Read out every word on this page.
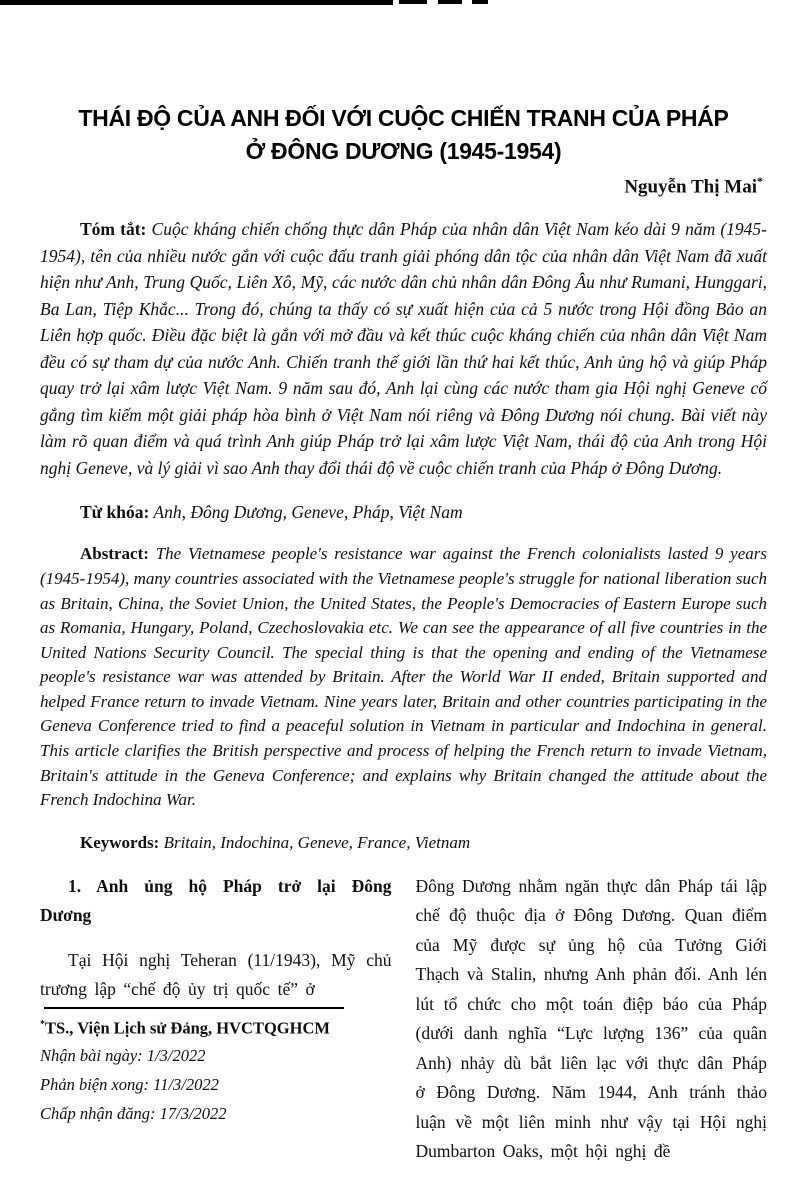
THÁI ĐỘ CỦA ANH ĐỐI VỚI CUỘC CHIẾN TRANH CỦA PHÁP
Ở ĐÔNG DƯƠNG (1945-1954)
Nguyễn Thị Mai*

Tóm tắt: Cuộc kháng chiến chống thực dân Pháp của nhân dân Việt Nam kéo dài 9 năm (1945-1954), tên của nhiều nước gắn với cuộc đấu tranh giải phóng dân tộc của nhân dân Việt Nam đã xuất hiện như Anh, Trung Quốc, Liên Xô, Mỹ, các nước dân chủ nhân dân Đông Âu như Rumani, Hunggari, Ba Lan, Tiệp Khắc... Trong đó, chúng ta thấy có sự xuất hiện của cả 5 nước trong Hội đồng Bảo an Liên hợp quốc. Điều đặc biệt là gắn với mở đầu và kết thúc cuộc kháng chiến của nhân dân Việt Nam đều có sự tham dự của nước Anh. Chiến tranh thế giới lần thứ hai kết thúc, Anh ủng hộ và giúp Pháp quay trở lại xâm lược Việt Nam. 9 năm sau đó, Anh lại cùng các nước tham gia Hội nghị Geneve cố gắng tìm kiếm một giải pháp hòa bình ở Việt Nam nói riêng và Đông Dương nói chung. Bài viết này làm rõ quan điểm và quá trình Anh giúp Pháp trở lại xâm lược Việt Nam, thái độ của Anh trong Hội nghị Geneve, và lý giải vì sao Anh thay đổi thái độ về cuộc chiến tranh của Pháp ở Đông Dương.

Từ khóa: Anh, Đông Dương, Geneve, Pháp, Việt Nam

Abstract: The Vietnamese people's resistance war against the French colonialists lasted 9 years (1945-1954), many countries associated with the Vietnamese people's struggle for national liberation such as Britain, China, the Soviet Union, the United States, the People's Democracies of Eastern Europe such as Romania, Hungary, Poland, Czechoslovakia etc. We can see the appearance of all five countries in the United Nations Security Council. The special thing is that the opening and ending of the Vietnamese people's resistance war was attended by Britain. After the World War II ended, Britain supported and helped France return to invade Vietnam. Nine years later, Britain and other countries participating in the Geneva Conference tried to find a peaceful solution in Vietnam in particular and Indochina in general. This article clarifies the British perspective and process of helping the French return to invade Vietnam, Britain's attitude in the Geneva Conference; and explains why Britain changed the attitude about the French Indochina War.

Keywords: Britain, Indochina, Geneve, France, Vietnam

1. Anh ủng hộ Pháp trở lại Đông Dương
Tại Hội nghị Teheran (11/1943), Mỹ chủ trương lập “chế độ ủy trị quốc tế” ở
*TS., Viện Lịch sử Đảng, HVCTQGHCM
Nhận bài ngày: 1/3/2022
Phản biện xong: 11/3/2022
Chấp nhận đăng: 17/3/2022
Đông Dương nhằm ngăn thực dân Pháp tái lập chế độ thuộc địa ở Đông Dương. Quan điểm của Mỹ được sự ủng hộ của Tưởng Giới Thạch và Stalin, nhưng Anh phản đối. Anh lén lút tổ chức cho một toán điệp báo của Pháp (dưới danh nghĩa “Lực lượng 136” của quân Anh) nhảy dù bắt liên lạc với thực dân Pháp ở Đông Dương. Năm 1944, Anh tránh thảo luận về một liên minh như vậy tại Hội nghị Dumbarton Oaks, một hội nghị đề
